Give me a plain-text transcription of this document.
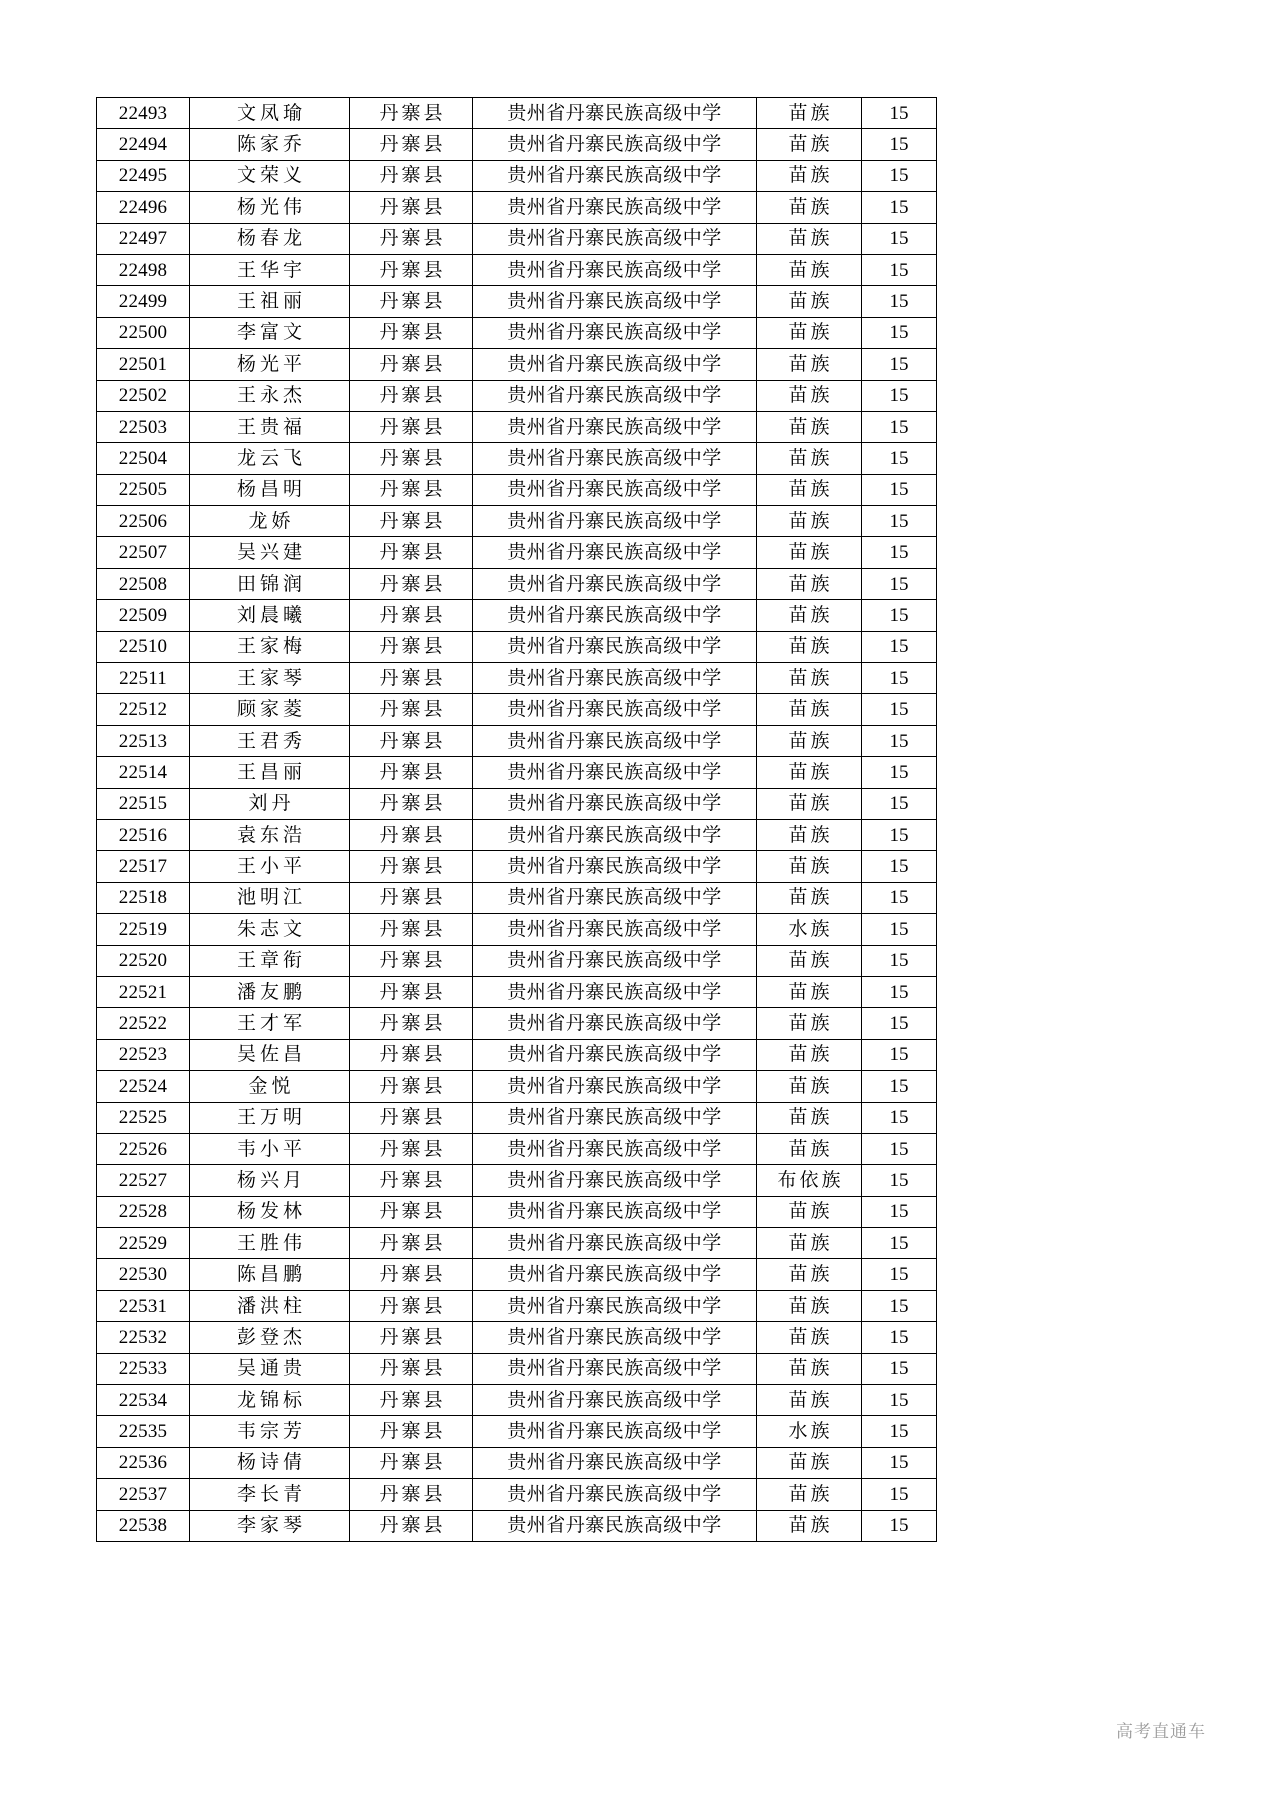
22493	文凤瑜	丹寨县	贵州省丹寨民族高级中学	苗族	15
22494	陈家乔	丹寨县	贵州省丹寨民族高级中学	苗族	15
22495	文荣义	丹寨县	贵州省丹寨民族高级中学	苗族	15
22496	杨光伟	丹寨县	贵州省丹寨民族高级中学	苗族	15
22497	杨春龙	丹寨县	贵州省丹寨民族高级中学	苗族	15
22498	王华宇	丹寨县	贵州省丹寨民族高级中学	苗族	15
22499	王祖丽	丹寨县	贵州省丹寨民族高级中学	苗族	15
22500	李富文	丹寨县	贵州省丹寨民族高级中学	苗族	15
22501	杨光平	丹寨县	贵州省丹寨民族高级中学	苗族	15
22502	王永杰	丹寨县	贵州省丹寨民族高级中学	苗族	15
22503	王贵福	丹寨县	贵州省丹寨民族高级中学	苗族	15
22504	龙云飞	丹寨县	贵州省丹寨民族高级中学	苗族	15
22505	杨昌明	丹寨县	贵州省丹寨民族高级中学	苗族	15
22506	龙娇	丹寨县	贵州省丹寨民族高级中学	苗族	15
22507	吴兴建	丹寨县	贵州省丹寨民族高级中学	苗族	15
22508	田锦润	丹寨县	贵州省丹寨民族高级中学	苗族	15
22509	刘晨曦	丹寨县	贵州省丹寨民族高级中学	苗族	15
22510	王家梅	丹寨县	贵州省丹寨民族高级中学	苗族	15
22511	王家琴	丹寨县	贵州省丹寨民族高级中学	苗族	15
22512	顾家菱	丹寨县	贵州省丹寨民族高级中学	苗族	15
22513	王君秀	丹寨县	贵州省丹寨民族高级中学	苗族	15
22514	王昌丽	丹寨县	贵州省丹寨民族高级中学	苗族	15
22515	刘丹	丹寨县	贵州省丹寨民族高级中学	苗族	15
22516	袁东浩	丹寨县	贵州省丹寨民族高级中学	苗族	15
22517	王小平	丹寨县	贵州省丹寨民族高级中学	苗族	15
22518	池明江	丹寨县	贵州省丹寨民族高级中学	苗族	15
22519	朱志文	丹寨县	贵州省丹寨民族高级中学	水族	15
22520	王章衔	丹寨县	贵州省丹寨民族高级中学	苗族	15
22521	潘友鹏	丹寨县	贵州省丹寨民族高级中学	苗族	15
22522	王才军	丹寨县	贵州省丹寨民族高级中学	苗族	15
22523	吴佐昌	丹寨县	贵州省丹寨民族高级中学	苗族	15
22524	金悦	丹寨县	贵州省丹寨民族高级中学	苗族	15
22525	王万明	丹寨县	贵州省丹寨民族高级中学	苗族	15
22526	韦小平	丹寨县	贵州省丹寨民族高级中学	苗族	15
22527	杨兴月	丹寨县	贵州省丹寨民族高级中学	布依族	15
22528	杨发林	丹寨县	贵州省丹寨民族高级中学	苗族	15
22529	王胜伟	丹寨县	贵州省丹寨民族高级中学	苗族	15
22530	陈昌鹏	丹寨县	贵州省丹寨民族高级中学	苗族	15
22531	潘洪柱	丹寨县	贵州省丹寨民族高级中学	苗族	15
22532	彭登杰	丹寨县	贵州省丹寨民族高级中学	苗族	15
22533	吴通贵	丹寨县	贵州省丹寨民族高级中学	苗族	15
22534	龙锦标	丹寨县	贵州省丹寨民族高级中学	苗族	15
22535	韦宗芳	丹寨县	贵州省丹寨民族高级中学	水族	15
22536	杨诗倩	丹寨县	贵州省丹寨民族高级中学	苗族	15
22537	李长青	丹寨县	贵州省丹寨民族高级中学	苗族	15
22538	李家琴	丹寨县	贵州省丹寨民族高级中学	苗族	15
高考直通车
